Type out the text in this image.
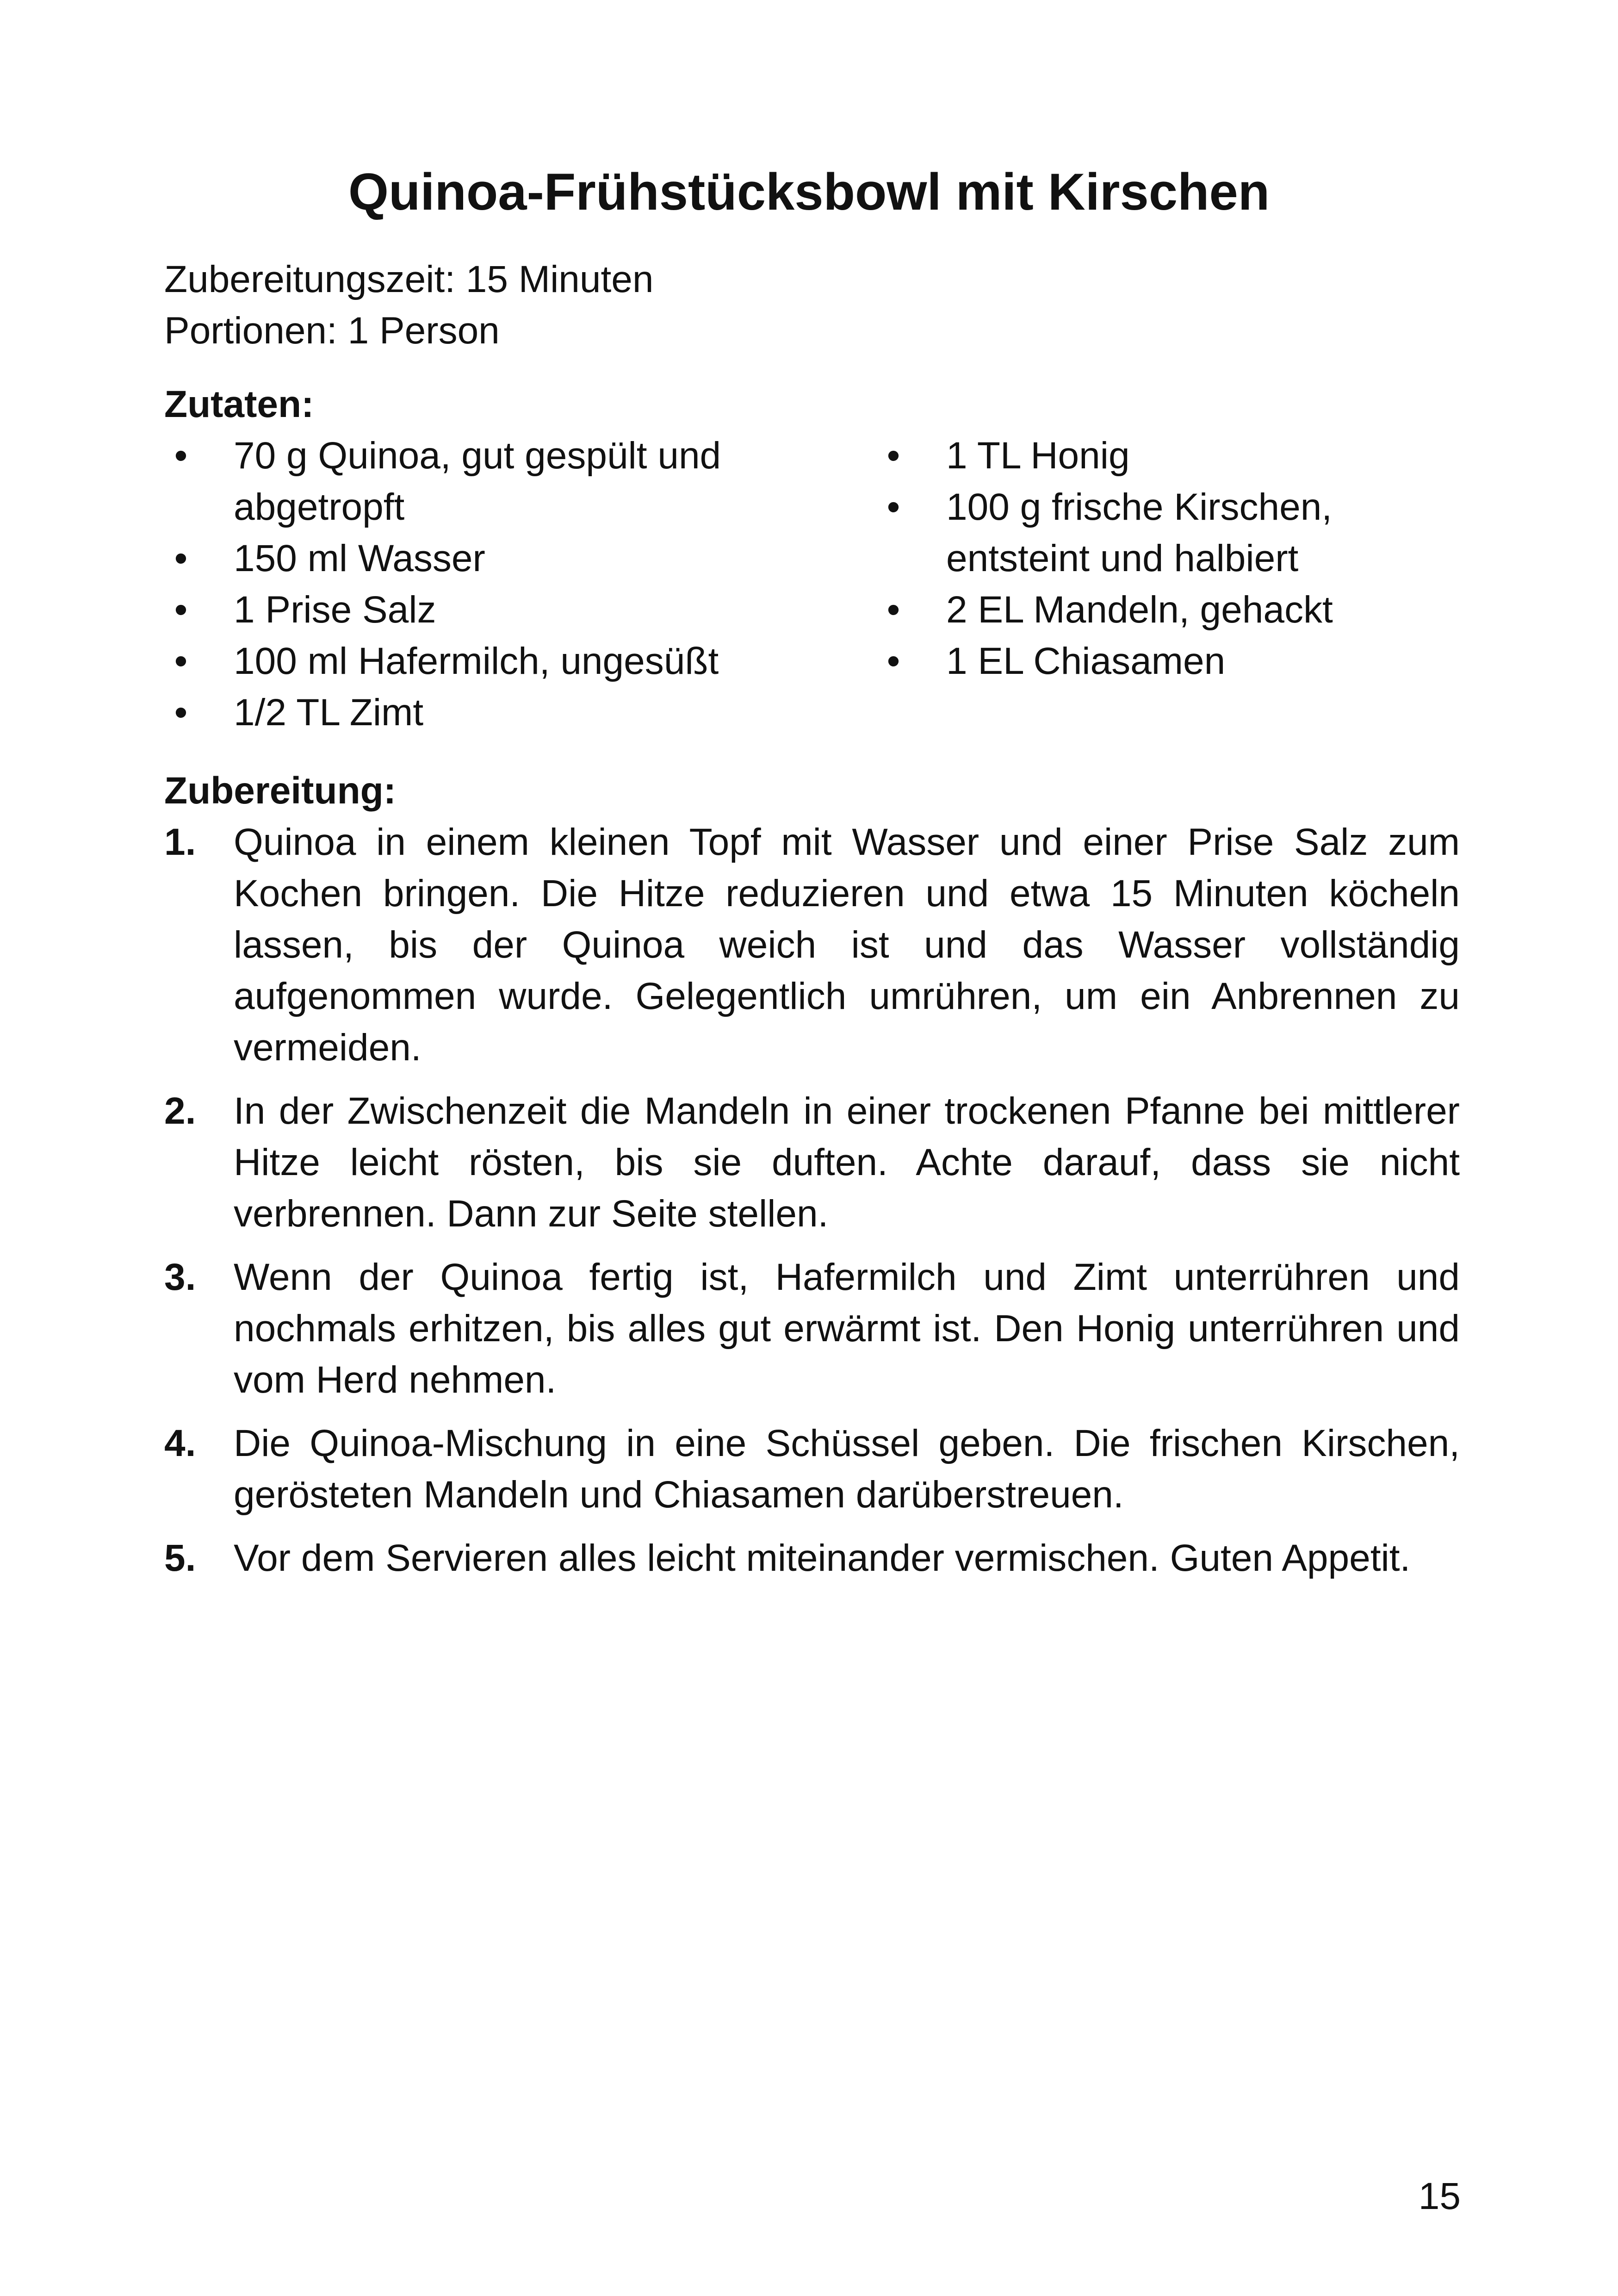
Quinoa-Frühstücksbowl mit Kirschen
Zubereitungszeit: 15 Minuten
Portionen: 1 Person
Zutaten:
• 70 g Quinoa, gut gespült und abgetropft
• 150 ml Wasser
• 1 Prise Salz
• 100 ml Hafermilch, ungesüßt
• 1/2 TL Zimt
• 1 TL Honig
• 100 g frische Kirschen, entsteint und halbiert
• 2 EL Mandeln, gehackt
• 1 EL Chiasamen
Zubereitung:
1. Quinoa in einem kleinen Topf mit Wasser und einer Prise Salz zum Kochen bringen. Die Hitze reduzieren und etwa 15 Minuten köcheln lassen, bis der Quinoa weich ist und das Wasser vollständig aufgenommen wurde. Gelegentlich umrühren, um ein Anbrennen zu vermeiden.
2. In der Zwischenzeit die Mandeln in einer trockenen Pfanne bei mittlerer Hitze leicht rösten, bis sie duften. Achte darauf, dass sie nicht verbrennen. Dann zur Seite stellen.
3. Wenn der Quinoa fertig ist, Hafermilch und Zimt unterrühren und nochmals erhitzen, bis alles gut erwärmt ist. Den Honig unterrühren und vom Herd nehmen.
4. Die Quinoa-Mischung in eine Schüssel geben. Die frischen Kirschen, gerösteten Mandeln und Chiasamen darüberstreuen.
5. Vor dem Servieren alles leicht miteinander vermischen. Guten Appetit.
15
